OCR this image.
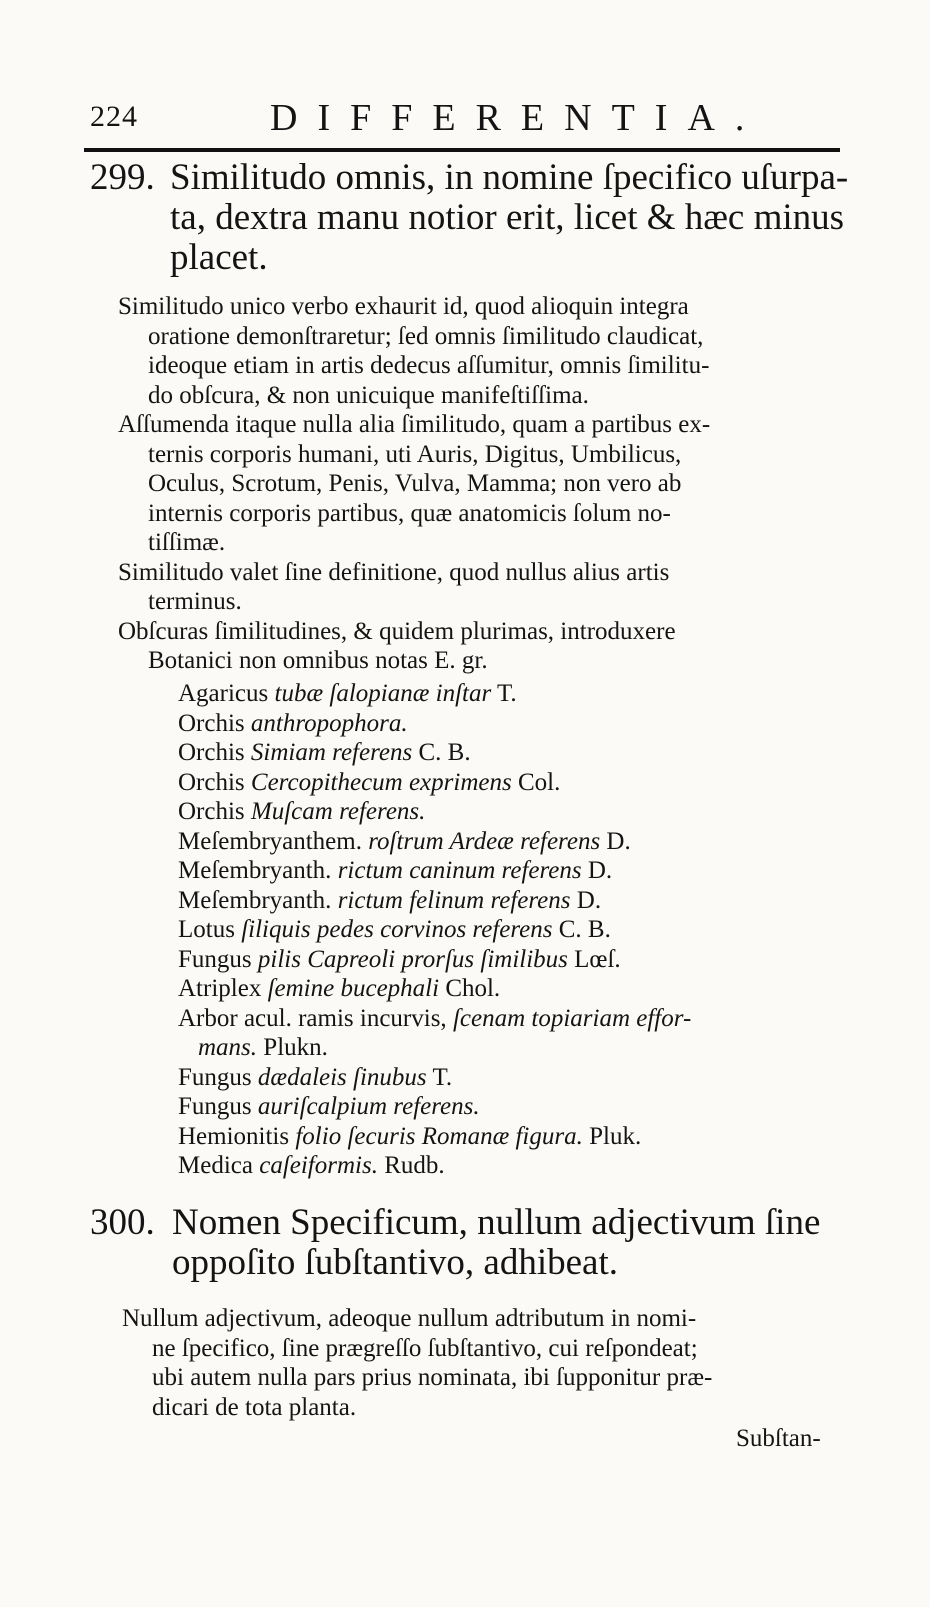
224	DIFFERENTIA.
299. Similitudo omnis, in nomine ſpecifico uſurpa-
ta, dextra manu notior erit, licet & hæc minus
placet.
Similitudo unico verbo exhaurit id, quod alioquin integra
oratione demonſtraretur; ſed omnis ſimilitudo claudicat,
ideoque etiam in artis dedecus aſſumitur, omnis ſimilitu-
do obſcura, & non unicuique manifeſtiſſima.
Aſſumenda itaque nulla alia ſimilitudo, quam a partibus ex-
ternis corporis humani, uti Auris, Digitus, Umbilicus,
Oculus, Scrotum, Penis, Vulva, Mamma; non vero ab
internis corporis partibus, quæ anatomicis ſolum no-
tiſſimæ.
Similitudo valet ſine definitione, quod nullus alius artis
terminus.
Obſcuras ſimilitudines, & quidem plurimas, introduxere
Botanici non omnibus notas E. gr.
Agaricus tubæ ſalopianæ inſtar T.
Orchis anthropophora.
Orchis Simiam referens C. B.
Orchis Cercopithecum exprimens Col.
Orchis Muſcam referens.
Meſembryanthem. roſtrum Ardeæ referens D.
Meſembryanth. rictum caninum referens D.
Meſembryanth. rictum felinum referens D.
Lotus ſiliquis pedes corvinos referens C. B.
Fungus pilis Capreoli prorſus ſimilibus Lœſ.
Atriplex ſemine bucephali Chol.
Arbor acul. ramis incurvis, ſcenam topiariam effor-
mans. Plukn.
Fungus dædaleis ſinubus T.
Fungus auriſcalpium referens.
Hemionitis folio ſecuris Romanæ figura. Pluk.
Medica caſeiformis. Rudb.
300. Nomen Specificum, nullum adjectivum ſine
oppoſito ſubſtantivo, adhibeat.
Nullum adjectivum, adeoque nullum adtributum in nomi-
ne ſpecifico, ſine prægreſſo ſubſtantivo, cui reſpondeat;
ubi autem nulla pars prius nominata, ibi ſupponitur præ-
dicari de tota planta.
Subſtan-
